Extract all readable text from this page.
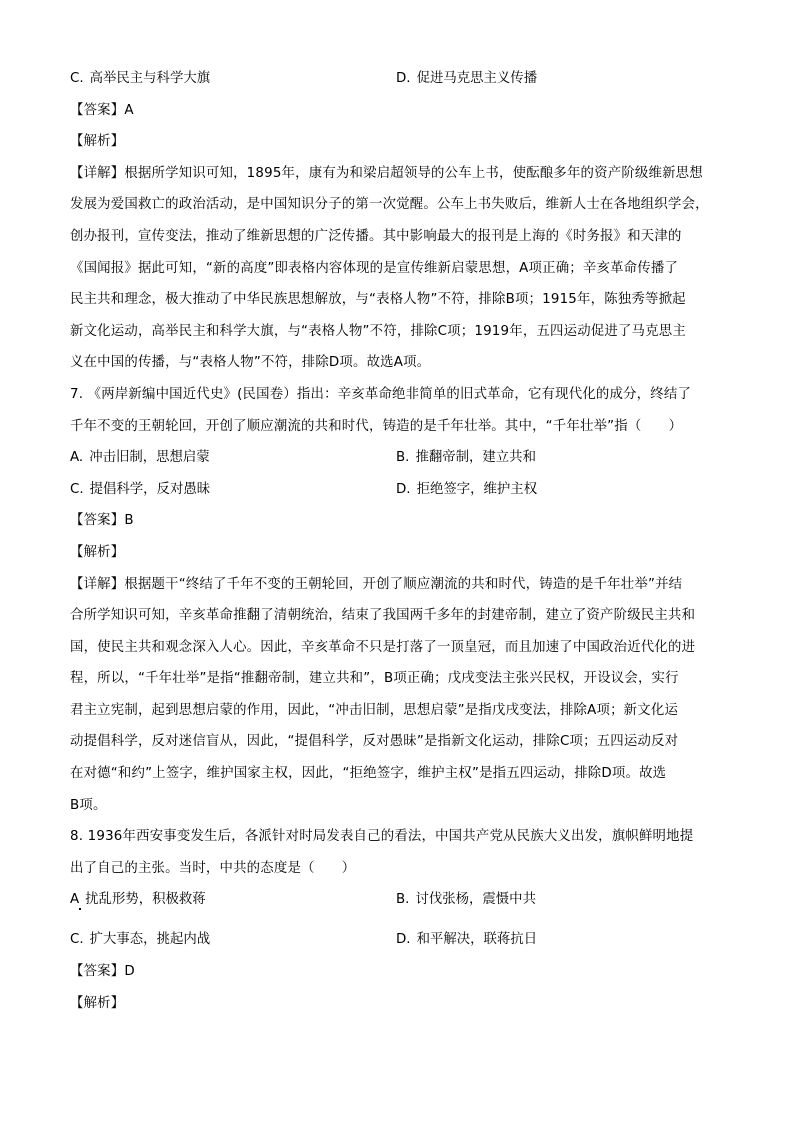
C. 高举民主与科学大旗	D. 促进马克思主义传播
【答案】A
【解析】
【详解】根据所学知识可知，1895年，康有为和梁启超领导的公车上书，使酝酿多年的资产阶级维新思想
发展为爱国救亡的政治活动，是中国知识分子的第一次觉醒。公车上书失败后，维新人士在各地组织学会，
创办报刊，宣传变法，推动了维新思想的广泛传播。其中影响最大的报刊是上海的《时务报》和天津的
《国闻报》据此可知，“新的高度”即表格内容体现的是宣传维新启蒙思想，A项正确；辛亥革命传播了
民主共和理念，极大推动了中华民族思想解放，与“表格人物”不符，排除B项；1915年，陈独秀等掀起
新文化运动，高举民主和科学大旗，与“表格人物”不符，排除C项；1919年，五四运动促进了马克思主
义在中国的传播，与“表格人物”不符，排除D项。故选A项。
7. 《两岸新编中国近代史》(民国卷）指出：辛亥革命绝非简单的旧式革命，它有现代化的成分，终结了
千年不变的王朝轮回，开创了顺应潮流的共和时代，铸造的是千年壮举。其中，“千年壮举”指（　　）
A. 冲击旧制，思想启蒙	B. 推翻帝制，建立共和
C. 提倡科学，反对愚昧	D. 拒绝签字，维护主权
【答案】B
【解析】
【详解】根据题干“终结了千年不变的王朝轮回，开创了顺应潮流的共和时代，铸造的是千年壮举”并结
合所学知识可知，辛亥革命推翻了清朝统治，结束了我国两千多年的封建帝制，建立了资产阶级民主共和
国，使民主共和观念深入人心。因此，辛亥革命不只是打落了一顶皇冠，而且加速了中国政治近代化的进
程，所以，“千年壮举”是指“推翻帝制，建立共和”，B项正确；戊戌变法主张兴民权，开设议会，实行
君主立宪制，起到思想启蒙的作用，因此，“冲击旧制，思想启蒙”是指戊戌变法，排除A项；新文化运
动提倡科学，反对迷信盲从，因此，“提倡科学，反对愚昧”是指新文化运动，排除C项；五四运动反对
在对德“和约”上签字，维护国家主权，因此，“拒绝签字，维护主权”是指五四运动，排除D项。故选
B项。
8. 1936年西安事变发生后，各派针对时局发表自己的看法，中国共产党从民族大义出发，旗帜鲜明地提
出了自己的主张。当时，中共的态度是（　　）
A 扰乱形势，积极救蒋	B. 讨伐张杨，震慑中共
C. 扩大事态，挑起内战	D. 和平解决，联蒋抗日
【答案】D
【解析】
